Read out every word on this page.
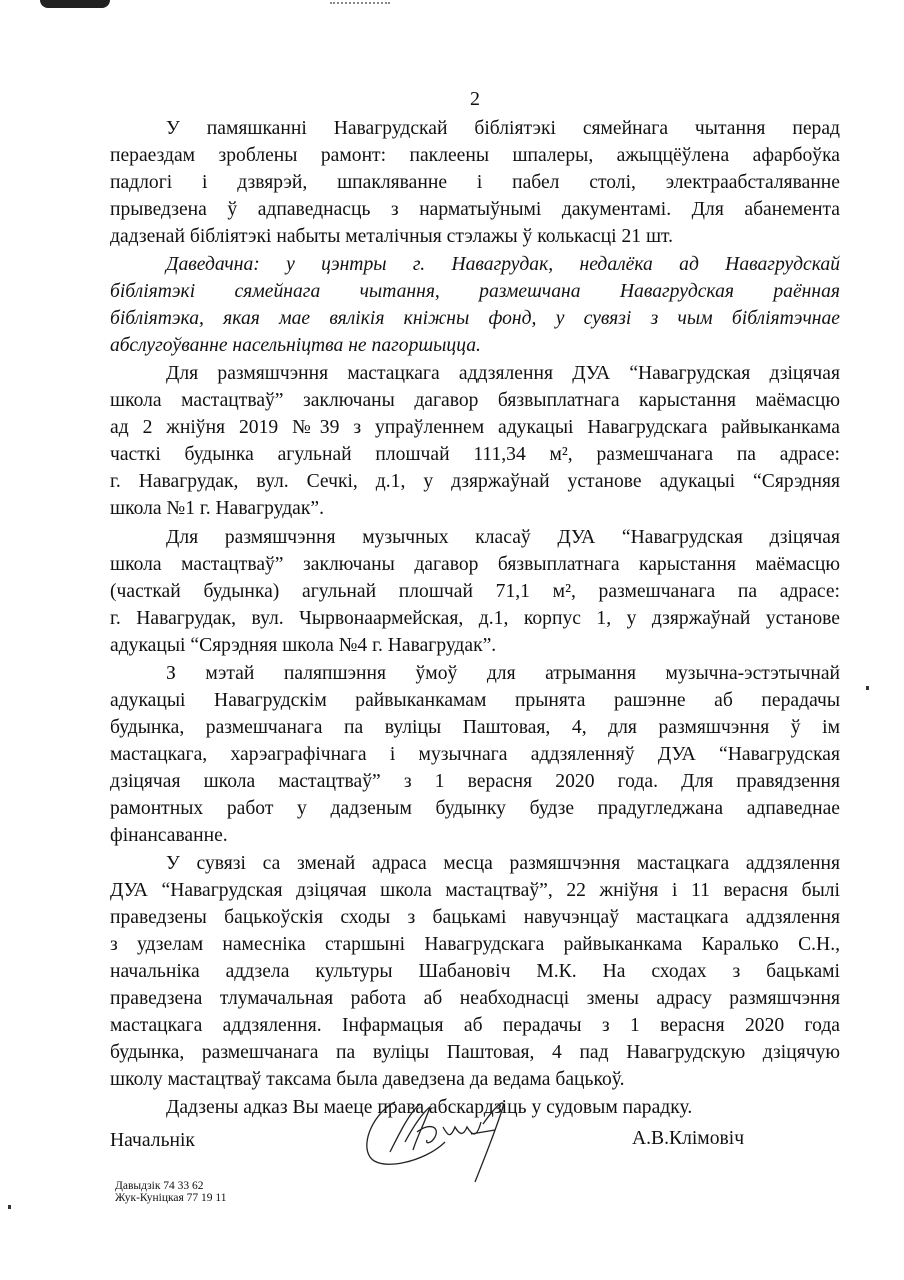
2
У памяшканні Навагрудскай бібліятэкі сямейнага чытання перад
пераездам зроблены рамонт: паклеены шпалеры, ажыццёўлена афарбоўка
падлогі і дзвярэй, шпакляванне і пабел столі, электраабсталяванне
прыведзена ў адпаведнасць з нарматыўнымі дакументамі. Для абанемента
дадзенай бібліятэкі набыты металічныя стэлажы ў колькасці 21 шт.
Даведачна: у цэнтры г. Навагрудак, недалёка ад Навагрудскай
бібліятэкі сямейнага чытання, размешчана Навагрудская раённая
бібліятэка, якая мае вялікія кніжны фонд, у сувязі з чым бібліятэчнае
абслугоўванне насельніцтва не пагоршыцца.
Для размяшчэння мастацкага аддзялення ДУА “Навагрудская дзіцячая
школа мастацтваў” заключаны дагавор бязвыплатнага карыстання маёмасцю
ад 2 жніўня 2019 №39 з упраўленнем адукацыі Навагрудскага райвыканкама
часткі будынка агульнай плошчай 111,34 м², размешчанага па адрасе:
г. Навагрудак, вул. Сечкі, д.1, у дзяржаўнай установе адукацыі “Сярэдняя
школа №1 г. Навагрудак”.
Для размяшчэння музычных класаў ДУА “Навагрудская дзіцячая
школа мастацтваў” заключаны дагавор бязвыплатнага карыстання маёмасцю
(часткай будынка) агульнай плошчай 71,1 м², размешчанага па адрасе:
г. Навагрудак, вул. Чырвонаармейская, д.1, корпус 1, у дзяржаўнай установе
адукацыі “Сярэдняя школа №4 г. Навагрудак”.
З мэтай паляпшэння ўмоў для атрымання музычна-эстэтычнай
адукацыі Навагрудскім райвыканкамам прынята рашэнне аб перадачы
будынка, размешчанага па вуліцы Паштовая, 4, для размяшчэння ў ім
мастацкага, харэаграфічнага і музычнага аддзяленняў ДУА “Навагрудская
дзіцячая школа мастацтваў” з 1 верасня 2020 года. Для правядзення
рамонтных работ у дадзеным будынку будзе прадугледжана адпаведнае
фінансаванне.
У сувязі са зменай адраса месца размяшчэння мастацкага аддзялення
ДУА “Навагрудская дзіцячая школа мастацтваў”, 22 жніўня і 11 верасня былі
праведзены бацькоўскія сходы з бацькамі навучэнцаў мастацкага аддзялення
з удзелам намесніка старшыні Навагрудскага райвыканкама Каралько С.Н.,
начальніка аддзела культуры Шабановіч М.К. На сходах з бацькамі
праведзена тлумачальная работа аб неабходнасці змены адрасу размяшчэння
мастацкага аддзялення. Інфармацыя аб перадачы з 1 верасня 2020 года
будынка, размешчанага па вуліцы Паштовая, 4 пад Навагрудскую дзіцячую
школу мастацтваў таксама была даведзена да ведама бацькоў.
Дадзены адказ Вы маеце права абскардзіць у судовым парадку.
Начальнік	А.В.Клімовіч
Давыдзік 74 33 62
Жук-Куніцкая 77 19 11
